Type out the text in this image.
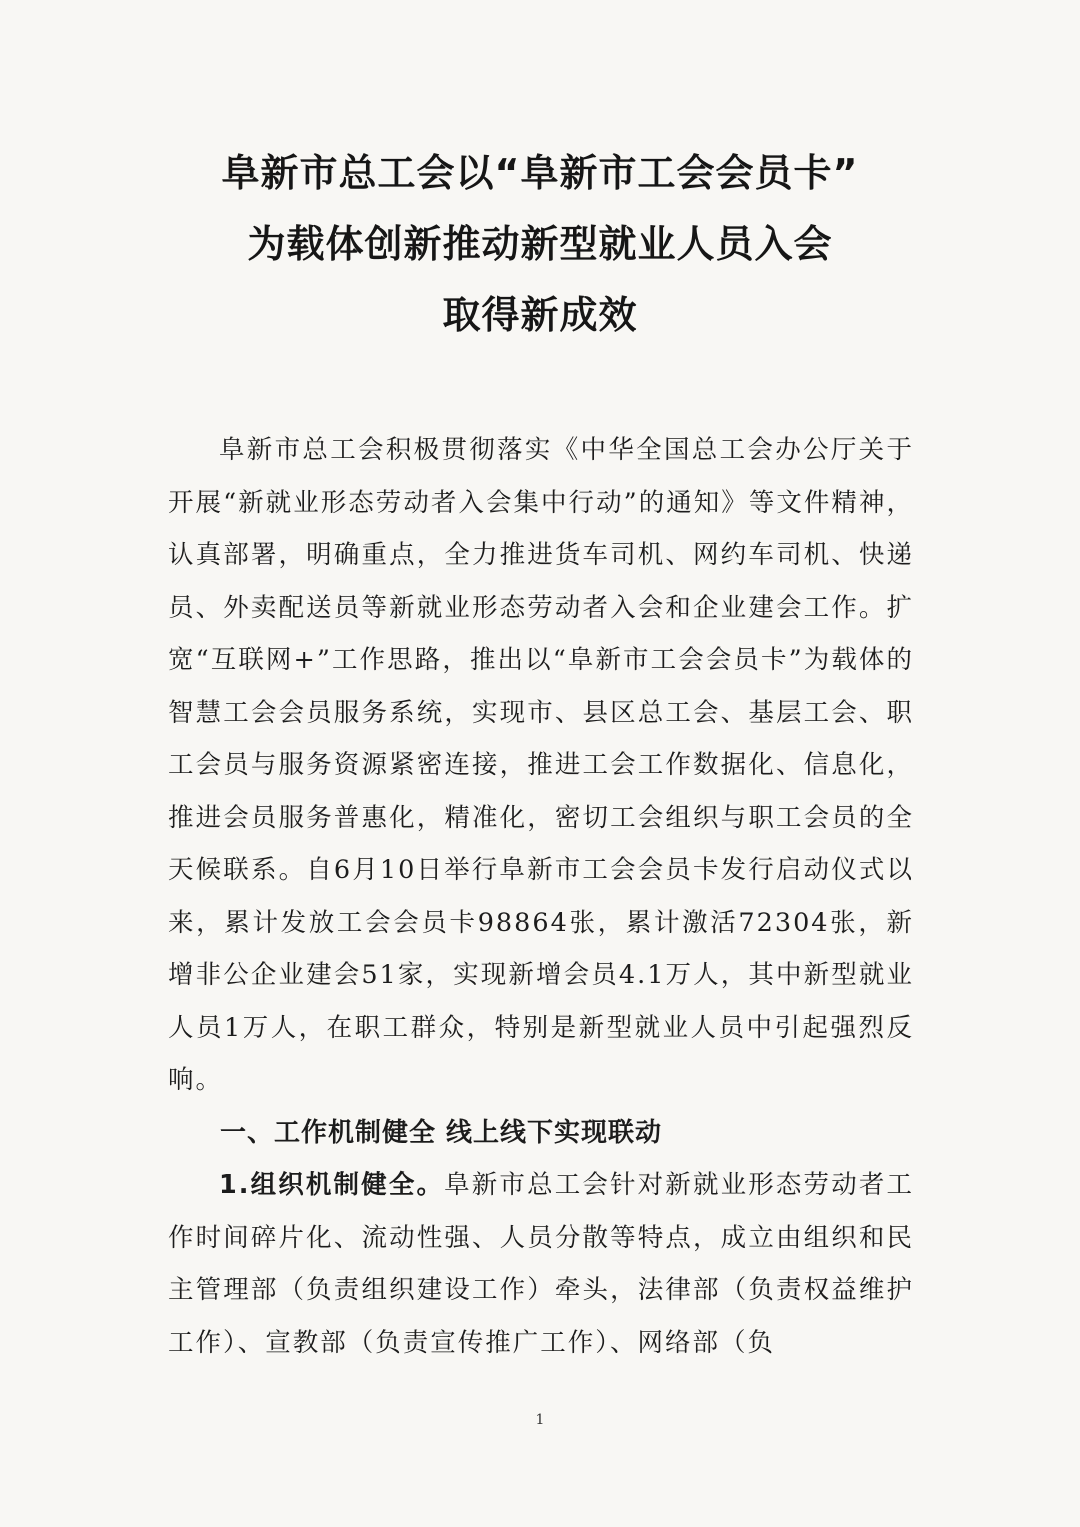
阜新市总工会以“阜新市工会会员卡”
为载体创新推动新型就业人员入会
取得新成效

阜新市总工会积极贯彻落实《中华全国总工会办公厅关于开展“新就业形态劳动者入会集中行动”的通知》等文件精神，认真部署，明确重点，全力推进货车司机、网约车司机、快递员、外卖配送员等新就业形态劳动者入会和企业建会工作。扩宽“互联网+”工作思路，推出以“阜新市工会会员卡”为载体的智慧工会会员服务系统，实现市、县区总工会、基层工会、职工会员与服务资源紧密连接，推进工会工作数据化、信息化，推进会员服务普惠化，精准化，密切工会组织与职工会员的全天候联系。自6月10日举行阜新市工会会员卡发行启动仪式以来，累计发放工会会员卡98864张，累计激活72304张，新增非公企业建会51家，实现新增会员4.1万人，其中新型就业人员1万人，在职工群众，特别是新型就业人员中引起强烈反响。

一、工作机制健全 线上线下实现联动

1.组织机制健全。阜新市总工会针对新就业形态劳动者工作时间碎片化、流动性强、人员分散等特点，成立由组织和民主管理部（负责组织建设工作）牵头，法律部（负责权益维护工作）、宣教部（负责宣传推广工作）、网络部（负

1
